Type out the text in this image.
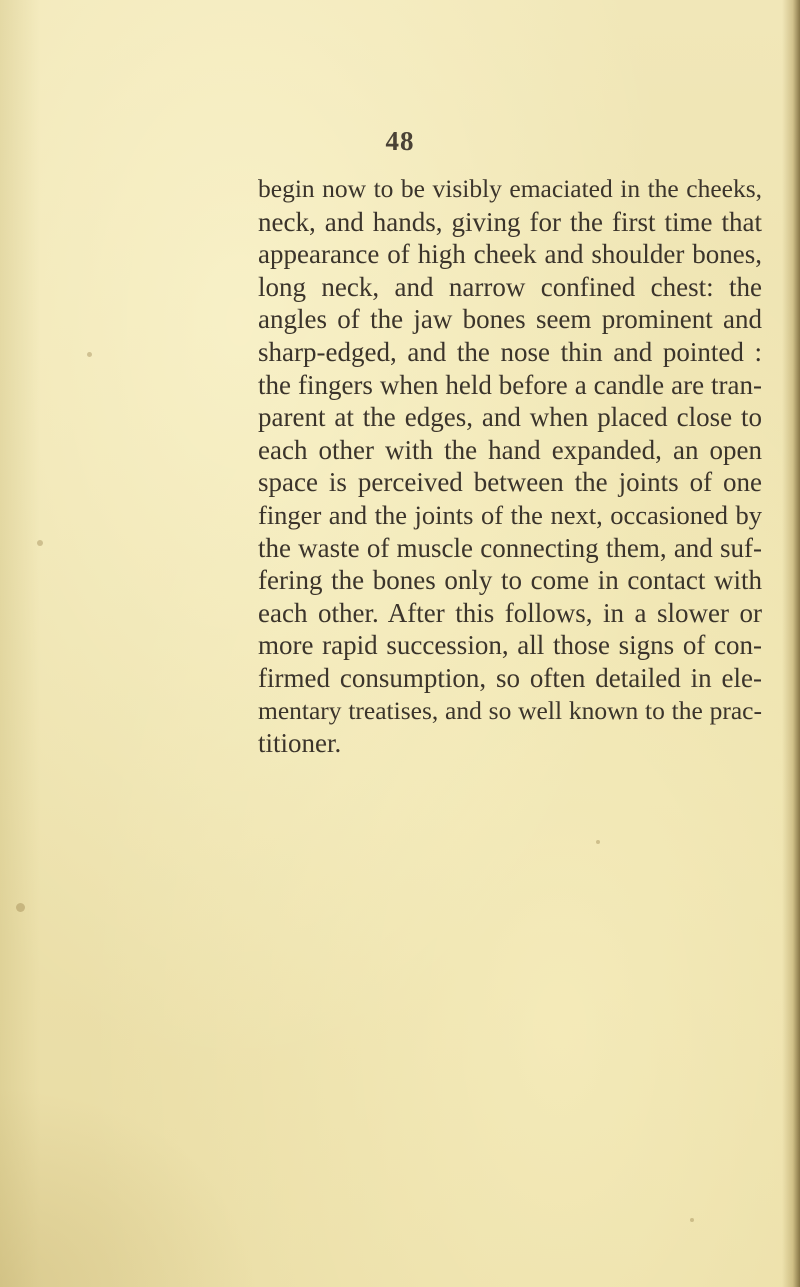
48
begin now to be visibly emaciated in the cheeks,
neck, and hands, giving for the first time that
appearance of high cheek and shoulder bones,
long neck, and narrow confined chest: the
angles of the jaw bones seem prominent and
sharp-edged, and the nose thin and pointed :
the fingers when held before a candle are tran-
parent at the edges, and when placed close to
each other with the hand expanded, an open
space is perceived between the joints of one
finger and the joints of the next, occasioned by
the waste of muscle connecting them, and suf-
fering the bones only to come in contact with
each other. After this follows, in a slower or
more rapid succession, all those signs of con-
firmed consumption, so often detailed in ele-
mentary treatises, and so well known to the prac-
titioner.
